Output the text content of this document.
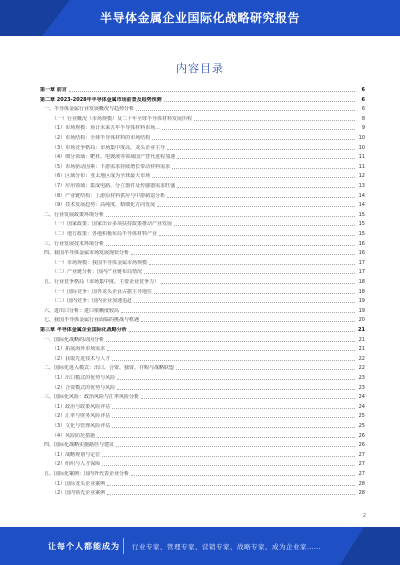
半导体金属企业国际化战略研究报告
内容目录
第一章 前言	6
第二章 2023-2028年半导体金属市场前景及趋势预测	6
一、半导体金属行业发展概况与趋势分析	6
（一）行业概况（市场规模）及二十年全球半导体材料发展历程	8
（1）市场规模：预计未来五年半导体材料市场...	9
（2）市场结构：全球半导体材料的市场结构	10
（3）市场竞争格局：市场集中度高，龙头企业主导	10
（4）细分领域：靶材、电镀液等领域国产替代进程加速	11
（5）市场驱动因素：下游需求持续增长带动材料需求	11
（6）区域分布：亚太地区成为全球最大市场	12
（7）应用领域：集成电路、分立器件及传感器需求旺盛	13
（8）产业链结构：上游原材料供应与中游制造分析	14
（9）技术发展趋势：高纯度、精细化方向发展	14
二、行业发展政策环境分析	15
（一）国家政策：国家出台多项扶持政策推动产业发展	15
（二）地方政策：各地积极布局半导体材料产业	15
三、行业发展技术环境分析	16
四、我国半导体金属市场发展现状分析	16
（一）市场规模：我国半导体金属市场规模	17
（二）产业链分析：国内产业链布局情况	17
五、行业竞争格局（市场集中度、主要企业竞争力）	18
（一）国际竞争：国外龙头企业占据主导地位	18
（二）国内竞争：国内企业加速追赶	19
六、进出口分析：进口依赖度较高	19
七、我国半导体金属行业面临的挑战与机遇	20
第三章 半导体金属企业国际化战略分析	21
一、国际化战略的动因分析	21
（1）拓展海外市场需求	21
（2）获取先进技术与人才	22
二、国际化进入模式：出口、合资、独资、并购与战略联盟	22
（1）出口模式的优势与风险	23
（2）合资模式的优势与风险	23
三、国际化风险：政治风险与汇率风险分析	24
（1）政治与政策风险评估	24
（2）汇率与财务风险评估	25
（3）文化与管理风险评估	25
（4）风险防范措施	26
四、国际化战略实施路径与建议	26
（1）战略规划与定位	27
（2）组织与人才保障	27
五、国际化案例：国内外代表企业分析	27
（1）国际龙头企业案例	28
（2）国内领先企业案例	28
2
让每个人都能成为 行业专家、管理专家、营销专家、战略专家、成为企业家……
